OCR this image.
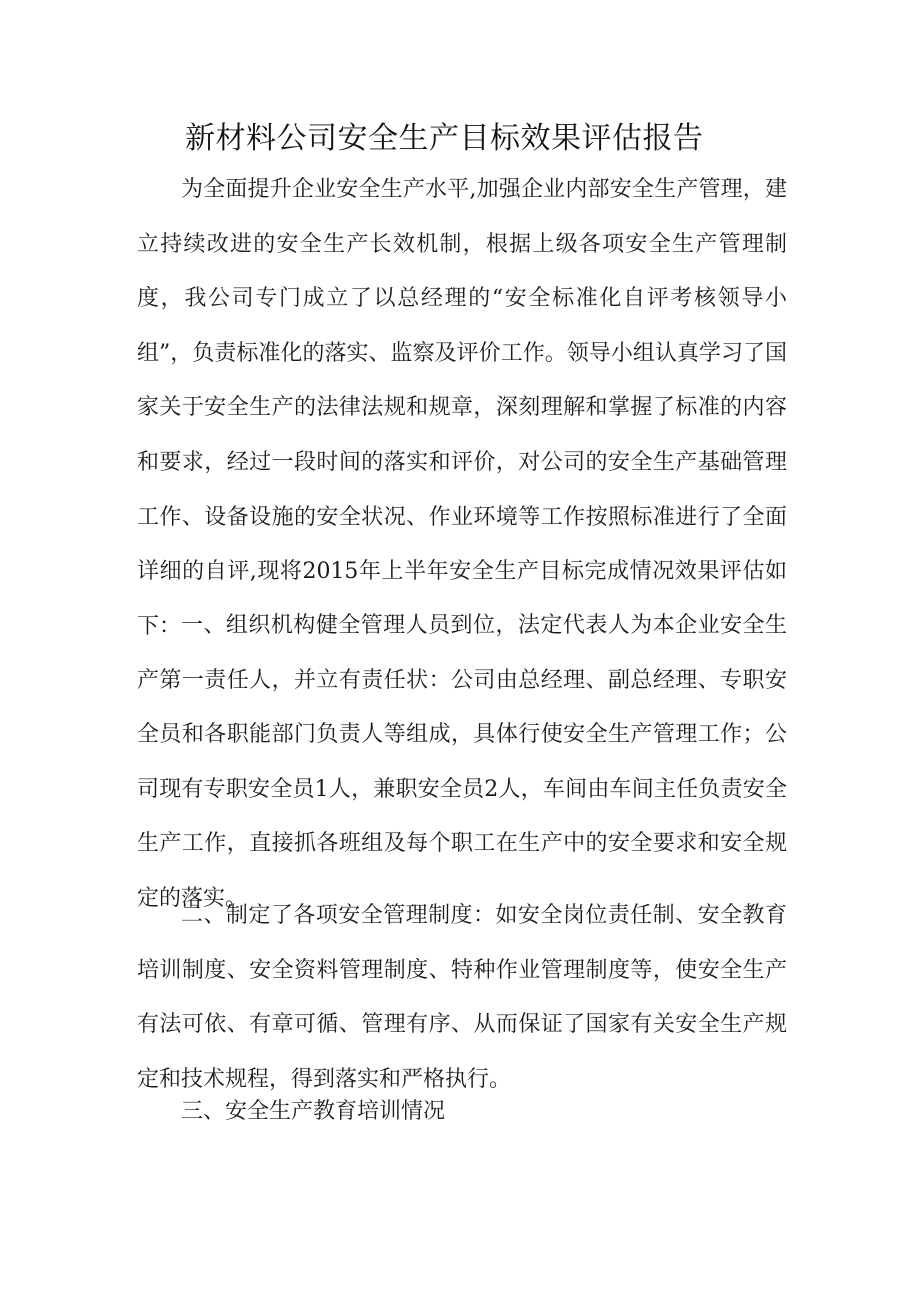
新材料公司安全生产目标效果评估报告

为全面提升企业安全生产水平,加强企业内部安全生产管理，建立持续改进的安全生产长效机制，根据上级各项安全生产管理制度，我公司专门成立了以总经理的“安全标准化自评考核领导小组”，负责标准化的落实、监察及评价工作。领导小组认真学习了国家关于安全生产的法律法规和规章，深刻理解和掌握了标准的内容和要求，经过一段时间的落实和评价，对公司的安全生产基础管理工作、设备设施的安全状况、作业环境等工作按照标准进行了全面详细的自评,现将2015年上半年安全生产目标完成情况效果评估如下： 一、组织机构健全管理人员到位，法定代表人为本企业安全生产第一责任人，并立有责任状：公司由总经理、副总经理、专职安全员和各职能部门负责人等组成，具体行使安全生产管理工作；公司现有专职安全员1人，兼职安全员2人，车间由车间主任负责安全生产工作，直接抓各班组及每个职工在生产中的安全要求和安全规定的落实。

二、制定了各项安全管理制度：如安全岗位责任制、安全教育培训制度、安全资料管理制度、特种作业管理制度等，使安全生产有法可依、有章可循、管理有序、从而保证了国家有关安全生产规定和技术规程，得到落实和严格执行。

三、安全生产教育培训情况
